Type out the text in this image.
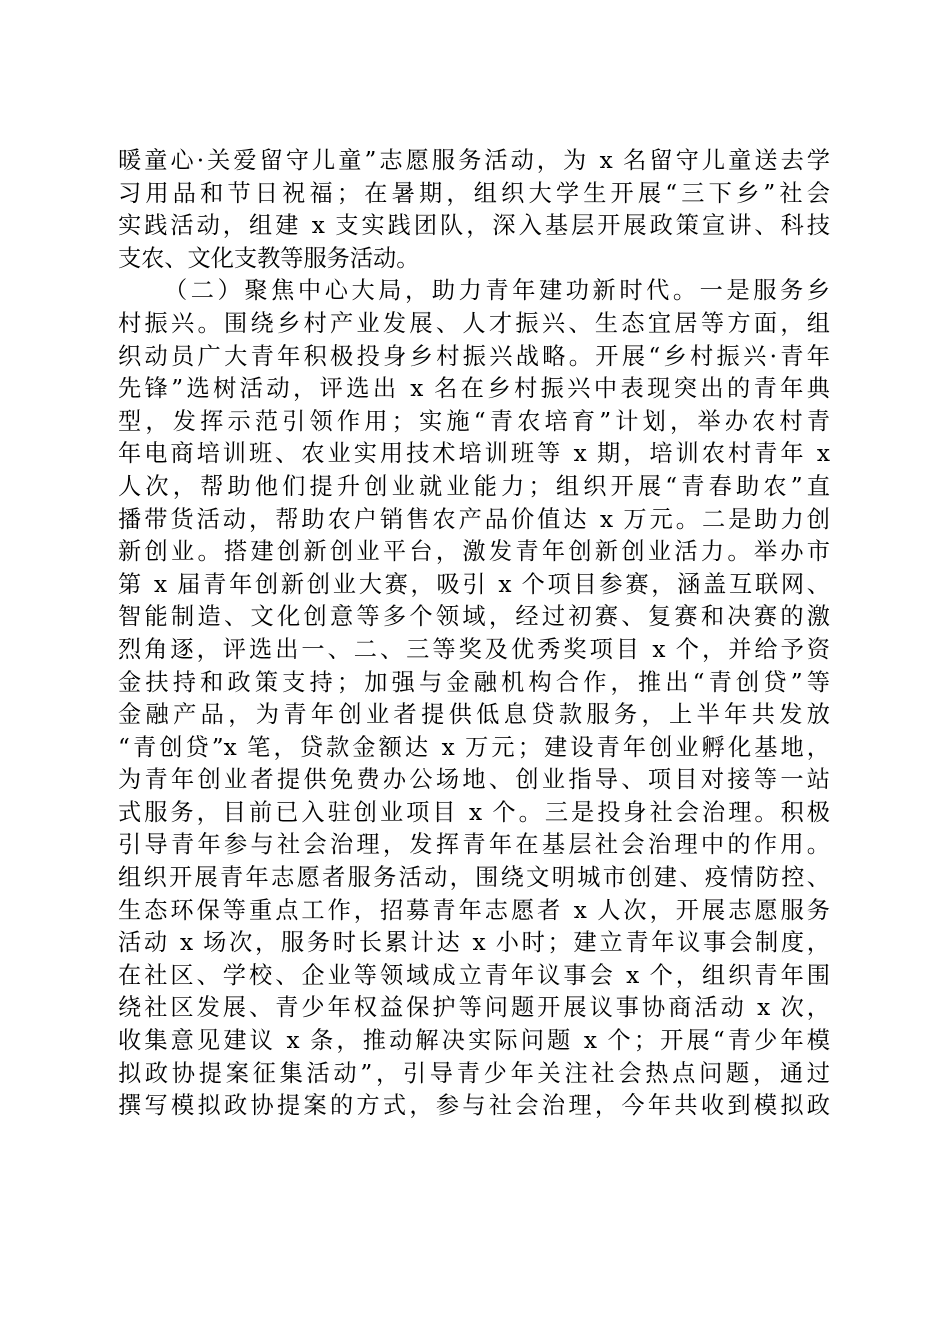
暖童心·关爱留守儿童”志愿服务活动，为 x 名留守儿童送去学
习用品和节日祝福；在暑期，组织大学生开展“三下乡”社会
实践活动，组建 x 支实践团队，深入基层开展政策宣讲、科技
支农、文化支教等服务活动。
（二）聚焦中心大局，助力青年建功新时代。一是服务乡
村振兴。围绕乡村产业发展、人才振兴、生态宜居等方面，组
织动员广大青年积极投身乡村振兴战略。开展“乡村振兴·青年
先锋”选树活动，评选出 x 名在乡村振兴中表现突出的青年典
型，发挥示范引领作用；实施“青农培育”计划，举办农村青
年电商培训班、农业实用技术培训班等 x 期，培训农村青年 x
人次，帮助他们提升创业就业能力；组织开展“青春助农”直
播带货活动，帮助农户销售农产品价值达 x 万元。二是助力创
新创业。搭建创新创业平台，激发青年创新创业活力。举办市
第 x 届青年创新创业大赛，吸引 x 个项目参赛，涵盖互联网、
智能制造、文化创意等多个领域，经过初赛、复赛和决赛的激
烈角逐，评选出一、二、三等奖及优秀奖项目 x 个，并给予资
金扶持和政策支持；加强与金融机构合作，推出“青创贷”等
金融产品，为青年创业者提供低息贷款服务，上半年共发放
“青创贷”x 笔，贷款金额达 x 万元；建设青年创业孵化基地，
为青年创业者提供免费办公场地、创业指导、项目对接等一站
式服务，目前已入驻创业项目 x 个。三是投身社会治理。积极
引导青年参与社会治理，发挥青年在基层社会治理中的作用。
组织开展青年志愿者服务活动，围绕文明城市创建、疫情防控、
生态环保等重点工作，招募青年志愿者 x 人次，开展志愿服务
活动 x 场次，服务时长累计达 x 小时；建立青年议事会制度，
在社区、学校、企业等领域成立青年议事会 x 个，组织青年围
绕社区发展、青少年权益保护等问题开展议事协商活动 x 次，
收集意见建议 x 条，推动解决实际问题 x 个；开展“青少年模
拟政协提案征集活动”，引导青少年关注社会热点问题，通过
撰写模拟政协提案的方式，参与社会治理，今年共收到模拟政
